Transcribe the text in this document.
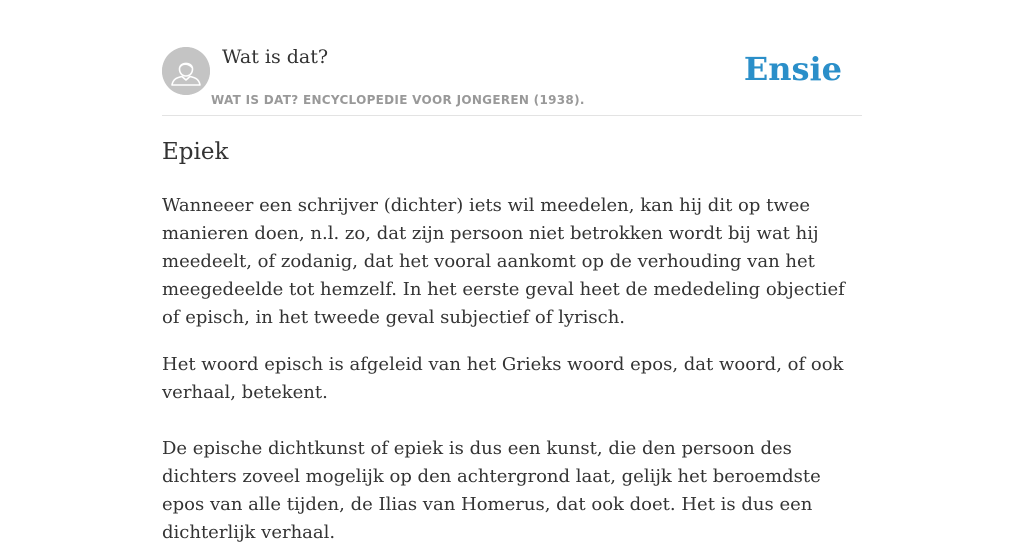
Wat is dat?
WAT IS DAT? ENCYCLOPEDIE VOOR JONGEREN (1938).
Ensie
Epiek

Wanneeer een schrijver (dichter) iets wil meedelen, kan hij dit op twee manieren doen, n.l. zo, dat zijn persoon niet betrokken wordt bij wat hij meedeelt, of zodanig, dat het vooral aankomt op de verhouding van het meegedeelde tot hemzelf. In het eerste geval heet de mededeling objectief of episch, in het tweede geval subjectief of lyrisch.

Het woord episch is afgeleid van het Grieks woord epos, dat woord, of ook verhaal, betekent.

De epische dichtkunst of epiek is dus een kunst, die den persoon des dichters zoveel mogelijk op den achtergrond laat, gelijk het beroemdste epos van alle tijden, de Ilias van Homerus, dat ook doet. Het is dus een dichterlijk verhaal.
